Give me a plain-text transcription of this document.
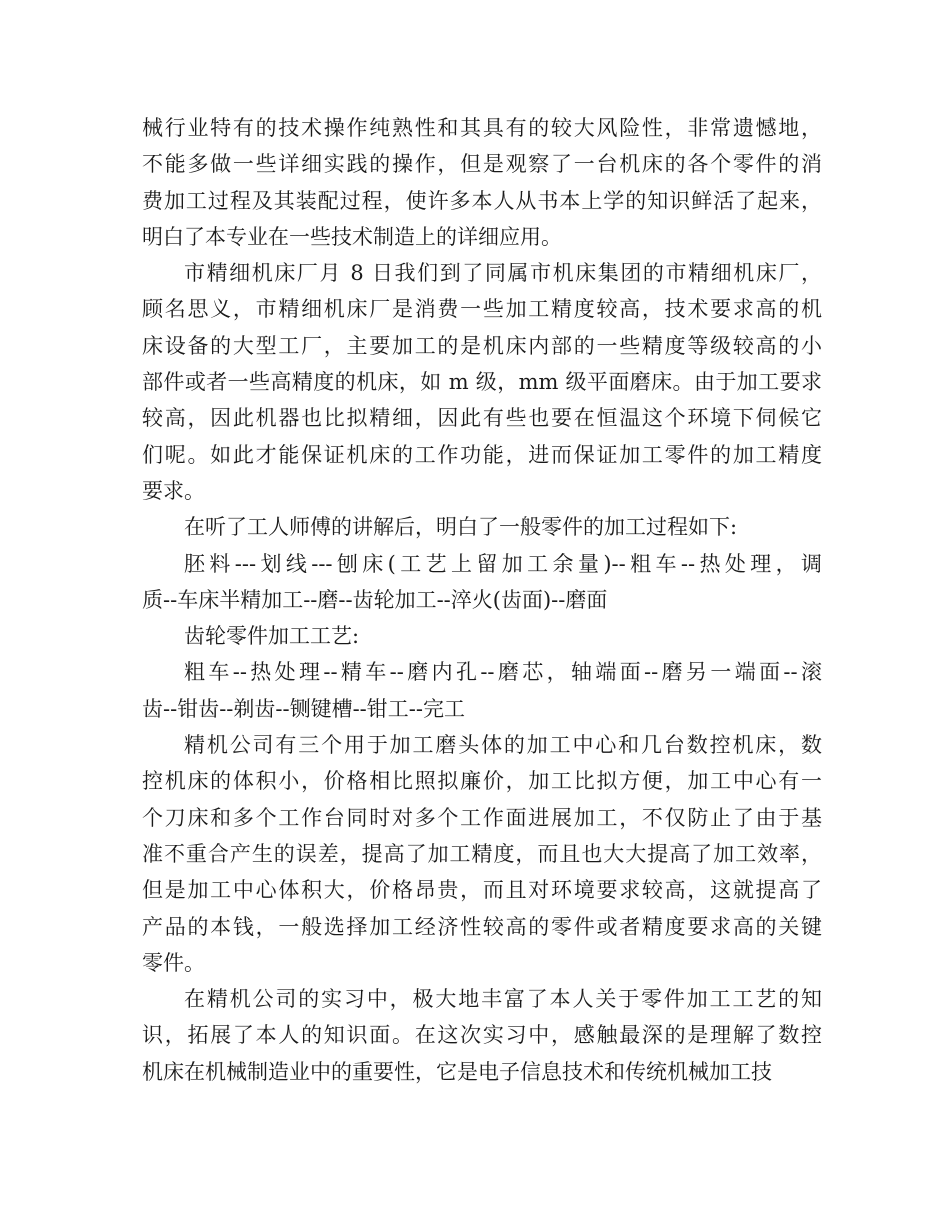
械行业特有的技术操作纯熟性和其具有的较大风险性，非常遗憾地，
不能多做一些详细实践的操作，但是观察了一台机床的各个零件的消
费加工过程及其装配过程，使许多本人从书本上学的知识鲜活了起来，
明白了本专业在一些技术制造上的详细应用。
市精细机床厂月 8 日我们到了同属市机床集团的市精细机床厂，
顾名思义，市精细机床厂是消费一些加工精度较高，技术要求高的机
床设备的大型工厂，主要加工的是机床内部的一些精度等级较高的小
部件或者一些高精度的机床，如 m 级，mm 级平面磨床。由于加工要求
较高，因此机器也比拟精细，因此有些也要在恒温这个环境下伺候它
们呢。如此才能保证机床的工作功能，进而保证加工零件的加工精度
要求。
在听了工人师傅的讲解后，明白了一般零件的加工过程如下:
胚料---划线---刨床(工艺上留加工余量)--粗车--热处理，调
质--车床半精加工--磨--齿轮加工--淬火(齿面)--磨面
齿轮零件加工工艺:
粗车--热处理--精车--磨内孔--磨芯，轴端面--磨另一端面--滚
齿--钳齿--剃齿--铡键槽--钳工--完工
精机公司有三个用于加工磨头体的加工中心和几台数控机床，数
控机床的体积小，价格相比照拟廉价，加工比拟方便，加工中心有一
个刀床和多个工作台同时对多个工作面进展加工，不仅防止了由于基
准不重合产生的误差，提高了加工精度，而且也大大提高了加工效率，
但是加工中心体积大，价格昂贵，而且对环境要求较高，这就提高了
产品的本钱，一般选择加工经济性较高的零件或者精度要求高的关键
零件。
在精机公司的实习中，极大地丰富了本人关于零件加工工艺的知
识，拓展了本人的知识面。在这次实习中，感触最深的是理解了数控
机床在机械制造业中的重要性，它是电子信息技术和传统机械加工技
